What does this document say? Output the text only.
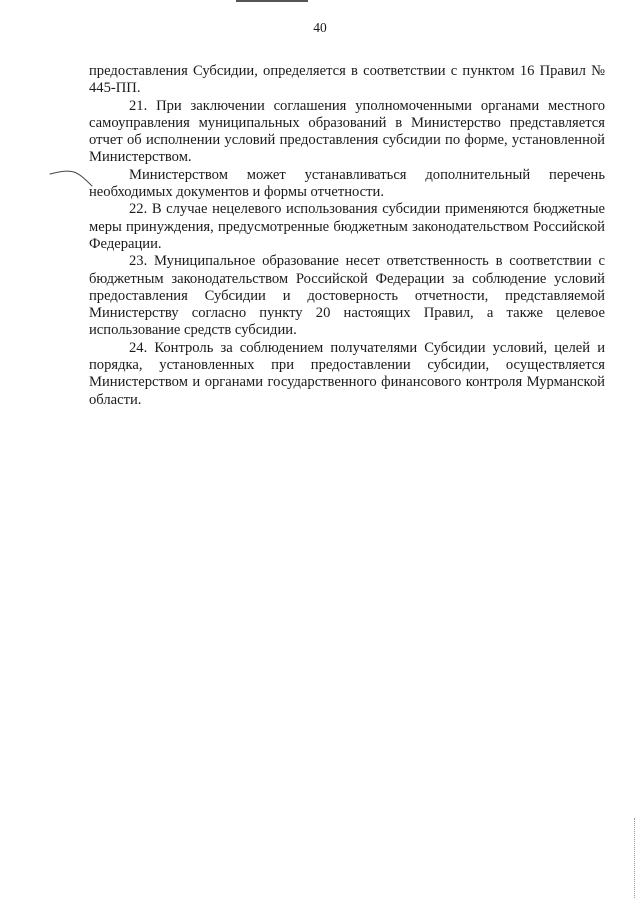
40

предоставления Субсидии, определяется в соответствии с пунктом 16 Правил № 445-ПП.

21. При заключении соглашения уполномоченными органами местного самоуправления муниципальных образований в Министерство представляется отчет об исполнении условий предоставления субсидии по форме, установленной Министерством.

Министерством может устанавливаться дополнительный перечень необходимых документов и формы отчетности.

22. В случае нецелевого использования субсидии применяются бюджетные меры принуждения, предусмотренные бюджетным законодательством Российской Федерации.

23. Муниципальное образование несет ответственность в соответствии с бюджетным законодательством Российской Федерации за соблюдение условий предоставления Субсидии и достоверность отчетности, представляемой Министерству согласно пункту 20 настоящих Правил, а также целевое использование средств субсидии.

24. Контроль за соблюдением получателями Субсидии условий, целей и порядка, установленных при предоставлении субсидии, осуществляется Министерством и органами государственного финансового контроля Мурманской области.
